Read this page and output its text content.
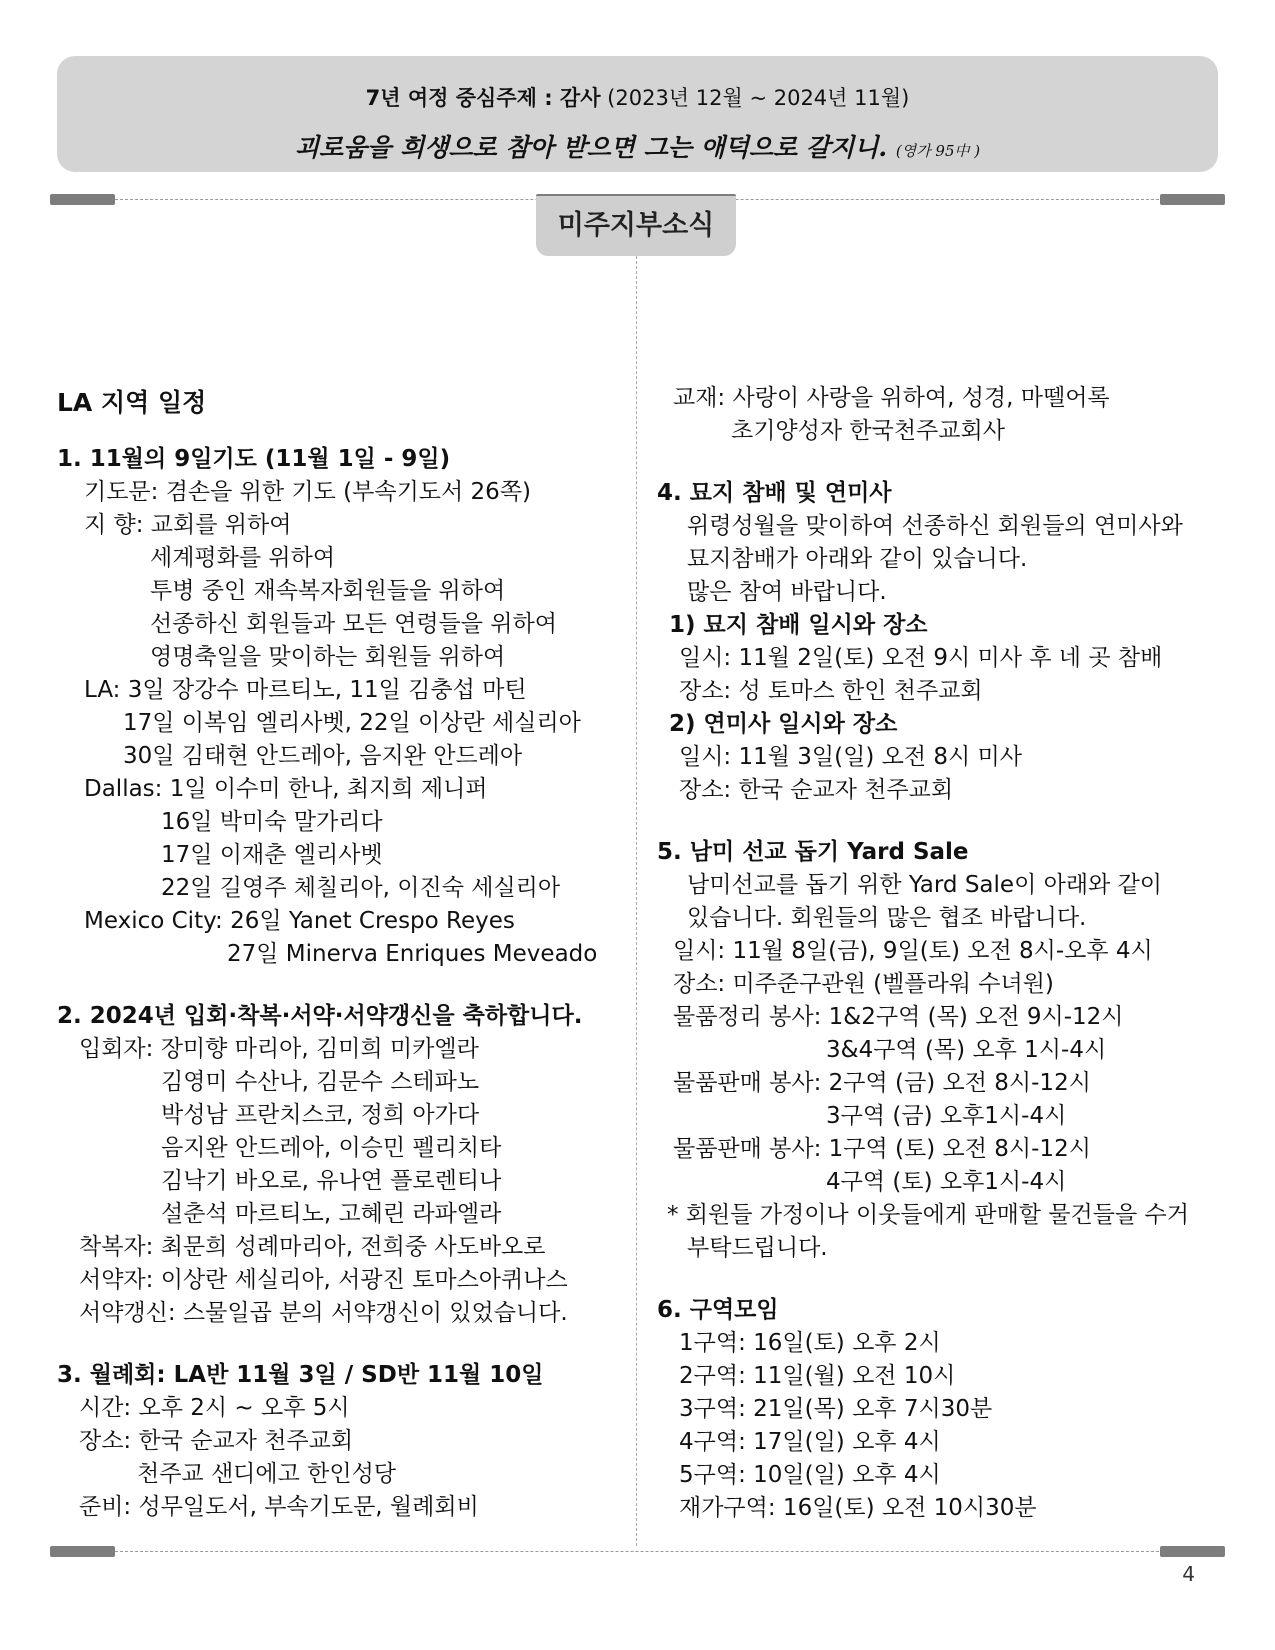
7년 여정 중심주제 : 감사 (2023년 12월 ~ 2024년 11월)
괴로움을 희생으로 참아 받으면 그는 애덕으로 갈지니. (영가 95中 )
미주지부소식
LA 지역 일정
1. 11월의 9일기도 (11월 1일 - 9일)
기도문: 겸손을 위한 기도 (부속기도서 26쪽)
지 향: 교회를 위하여
세계평화를 위하여
투병 중인 재속복자회원들을 위하여
선종하신 회원들과 모든 연령들을 위하여
영명축일을 맞이하는 회원들 위하여
LA: 3일 장강수 마르티노, 11일 김충섭 마틴
17일 이복임 엘리사벳, 22일 이상란 세실리아
30일 김태현 안드레아, 음지완 안드레아
Dallas: 1일 이수미 한나, 최지희 제니퍼
16일 박미숙 말가리다
17일 이재춘 엘리사벳
22일 길영주 체칠리아, 이진숙 세실리아
Mexico City: 26일 Yanet Crespo Reyes
27일 Minerva Enriques Meveado
2. 2024년 입회·착복·서약·서약갱신을 축하합니다.
입회자: 장미향 마리아, 김미희 미카엘라
김영미 수산나, 김문수 스테파노
박성남 프란치스코, 정희 아가다
음지완 안드레아, 이승민 펠리치타
김낙기 바오로, 유나연 플로렌티나
설춘석 마르티노, 고혜린 라파엘라
착복자: 최문희 성례마리아, 전희중 사도바오로
서약자: 이상란 세실리아, 서광진 토마스아퀴나스
서약갱신: 스물일곱 분의 서약갱신이 있었습니다.
3. 월례회: LA반 11월 3일 / SD반 11월 10일
시간: 오후 2시 ~ 오후 5시
장소: 한국 순교자 천주교회
천주교 샌디에고 한인성당
준비: 성무일도서, 부속기도문, 월례회비
교재: 사랑이 사랑을 위하여, 성경, 마뗄어록
초기양성자 한국천주교회사
4. 묘지 참배 및 연미사
위령성월을 맞이하여 선종하신 회원들의 연미사와
묘지참배가 아래와 같이 있습니다.
많은 참여 바랍니다.
1) 묘지 참배 일시와 장소
일시: 11월 2일(토) 오전 9시 미사 후 네 곳 참배
장소: 성 토마스 한인 천주교회
2) 연미사 일시와 장소
일시: 11월 3일(일) 오전 8시 미사
장소: 한국 순교자 천주교회
5. 남미 선교 돕기 Yard Sale
남미선교를 돕기 위한 Yard Sale이 아래와 같이
있습니다. 회원들의 많은 협조 바랍니다.
일시: 11월 8일(금), 9일(토) 오전 8시-오후 4시
장소: 미주준구관원 (벨플라워 수녀원)
물품정리 봉사: 1&2구역 (목) 오전 9시-12시
3&4구역 (목) 오후 1시-4시
물품판매 봉사: 2구역 (금) 오전 8시-12시
3구역 (금) 오후1시-4시
물품판매 봉사: 1구역 (토) 오전 8시-12시
4구역 (토) 오후1시-4시
* 회원들 가정이나 이웃들에게 판매할 물건들을 수거
부탁드립니다.
6. 구역모임
1구역: 16일(토) 오후 2시
2구역: 11일(월) 오전 10시
3구역: 21일(목) 오후 7시30분
4구역: 17일(일) 오후 4시
5구역: 10일(일) 오후 4시
재가구역: 16일(토) 오전 10시30분
4
